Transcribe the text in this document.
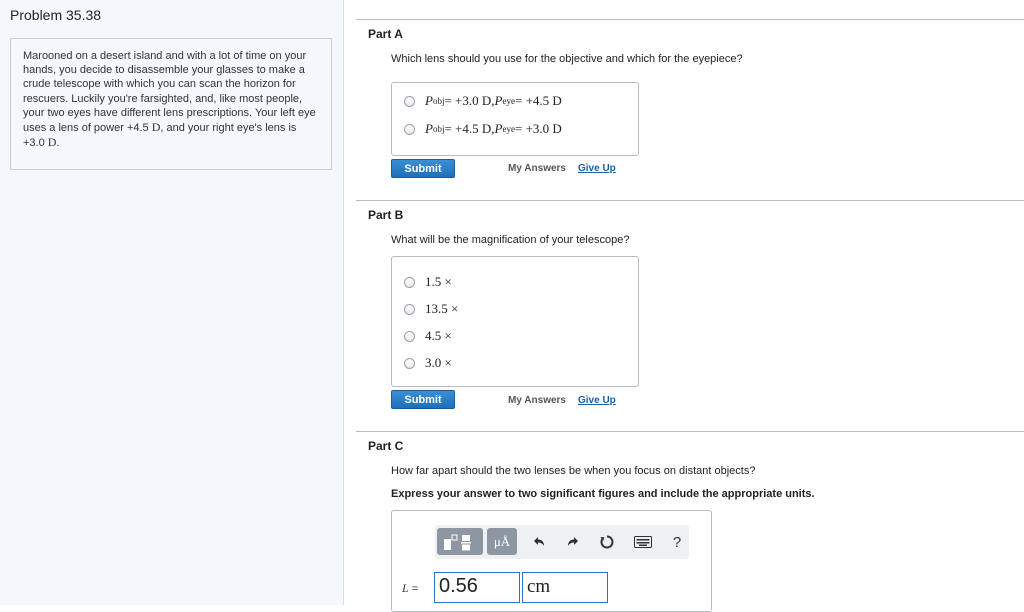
Problem 35.38
Marooned on a desert island and with a lot of time on your hands, you decide to disassemble your glasses to make a crude telescope with which you can scan the horizon for rescuers. Luckily you're farsighted, and, like most people, your two eyes have different lens prescriptions. Your left eye uses a lens of power +4.5 D, and your right eye's lens is +3.0 D.
Part A
Which lens should you use for the objective and which for the eyepiece?
P obj = +3.0 D, P eye = +4.5 D
P obj = +4.5 D, P eye = +3.0 D
Submit	My Answers Give Up
Part B
What will be the magnification of your telescope?
1.5 ×
13.5 ×
4.5 ×
3.0 ×
Submit	My Answers Give Up
Part C
How far apart should the two lenses be when you focus on distant objects?
Express your answer to two significant figures and include the appropriate units.
μÅ	?
L = 0.56	cm
